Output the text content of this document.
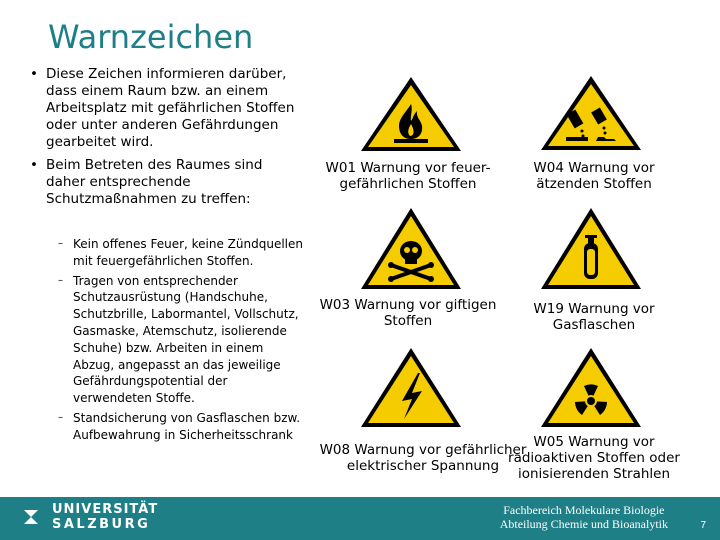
Warnzeichen
• Diese Zeichen informieren darüber, dass einem Raum bzw. an einem Arbeitsplatz mit gefährlichen Stoffen oder unter anderen Gefährdungen gearbeitet wird.
• Beim Betreten des Raumes sind daher entsprechende Schutzmaßnahmen zu treffen:
– Kein offenes Feuer, keine Zündquellen mit feuergefährlichen Stoffen.
– Tragen von entsprechender Schutzausrüstung (Handschuhe, Schutzbrille, Labormantel, Vollschutz, Gasmaske, Atemschutz, isolierende Schuhe) bzw. Arbeiten in einem Abzug, angepasst an das jeweilige Gefährdungspotential der verwendeten Stoffe.
– Standsicherung von Gasflaschen bzw. Aufbewahrung in Sicherheitsschrank
W01 Warnung vor feuer-gefährlichen Stoffen
W04 Warnung vor ätzenden Stoffen
W03 Warnung vor giftigen Stoffen
W19 Warnung vor Gasflaschen
W08 Warnung vor gefährlicher elektrischer Spannung
W05 Warnung vor radioaktiven Stoffen oder ionisierenden Strahlen
UNIVERSITÄT
SALZBURG
Fachbereich Molekulare Biologie
Abteilung Chemie und Bioanalytik	7
